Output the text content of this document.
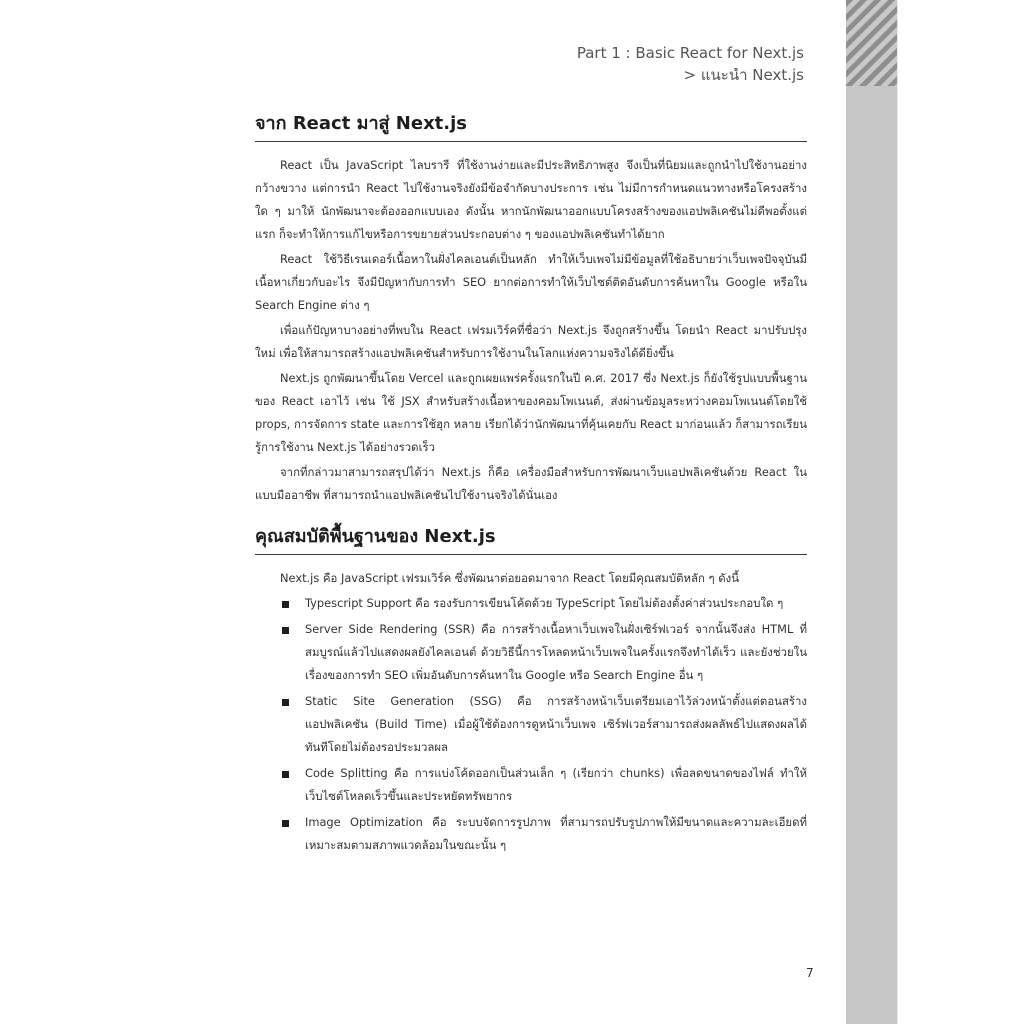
Part 1 : Basic React for Next.js
> แนะนำ Next.js
จาก React มาสู่ Next.js

React เป็น JavaScript ไลบรารี ที่ใช้งานง่ายและมีประสิทธิภาพสูง จึงเป็นที่นิยมและถูกนำไปใช้งานอย่างกว้างขวาง แต่การนำ React ไปใช้งานจริงยังมีข้อจำกัดบางประการ เช่น ไม่มีการกำหนดแนวทางหรือโครงสร้างใด ๆ มาให้ นักพัฒนาจะต้องออกแบบเอง ดังนั้น หากนักพัฒนาออกแบบโครงสร้างของแอปพลิเคชันไม่ดีพอตั้งแต่แรก ก็จะทำให้การแก้ไขหรือการขยายส่วนประกอบต่าง ๆ ของแอปพลิเคชันทำได้ยาก

React ใช้วิธีเรนเดอร์เนื้อหาในฝั่งไคลเอนต์เป็นหลัก ทำให้เว็บเพจไม่มีข้อมูลที่ใช้อธิบายว่าเว็บเพจปัจจุบันมีเนื้อหาเกี่ยวกับอะไร จึงมีปัญหากับการทำ SEO ยากต่อการทำให้เว็บไซต์ติดอันดับการค้นหาใน Google หรือใน Search Engine ต่าง ๆ

เพื่อแก้ปัญหาบางอย่างที่พบใน React เฟรมเวิร์คที่ชื่อว่า Next.js จึงถูกสร้างขึ้น โดยนำ React มาปรับปรุงใหม่ เพื่อให้สามารถสร้างแอปพลิเคชันสำหรับการใช้งานในโลกแห่งความจริงได้ดียิ่งขึ้น

Next.js ถูกพัฒนาขึ้นโดย Vercel และถูกเผยแพร่ครั้งแรกในปี ค.ศ. 2017 ซึ่ง Next.js ก็ยังใช้รูปแบบพื้นฐานของ React เอาไว้ เช่น ใช้ JSX สำหรับสร้างเนื้อหาของคอมโพเนนต์, ส่งผ่านข้อมูลระหว่างคอมโพเนนต์โดยใช้ props, การจัดการ state และการใช้ฮุก หลาย เรียกได้ว่านักพัฒนาที่คุ้นเคยกับ React มาก่อนแล้ว ก็สามารถเรียนรู้การใช้งาน Next.js ได้อย่างรวดเร็ว

จากที่กล่าวมาสามารถสรุปได้ว่า Next.js ก็คือ เครื่องมือสำหรับการพัฒนาเว็บแอปพลิเคชันด้วย React ในแบบมืออาชีพ ที่สามารถนำแอปพลิเคชันไปใช้งานจริงได้นั่นเอง

คุณสมบัติพื้นฐานของ Next.js

Next.js คือ JavaScript เฟรมเวิร์ค ซึ่งพัฒนาต่อยอดมาจาก React โดยมีคุณสมบัติหลัก ๆ ดังนี้

Typescript Support คือ รองรับการเขียนโค้ดด้วย TypeScript โดยไม่ต้องตั้งค่าส่วนประกอบใด ๆ
Server Side Rendering (SSR) คือ การสร้างเนื้อหาเว็บเพจในฝั่งเซิร์ฟเวอร์ จากนั้นจึงส่ง HTML ที่สมบูรณ์แล้วไปแสดงผลยังไคลเอนต์ ด้วยวิธีนี้การโหลดหน้าเว็บเพจในครั้งแรกจึงทำได้เร็ว และยังช่วยในเรื่องของการทำ SEO เพิ่มอันดับการค้นหาใน Google หรือ Search Engine อื่น ๆ
Static Site Generation (SSG) คือ การสร้างหน้าเว็บเตรียมเอาไว้ล่วงหน้าตั้งแต่ตอนสร้างแอปพลิเคชัน (Build Time) เมื่อผู้ใช้ต้องการดูหน้าเว็บเพจ เซิร์ฟเวอร์สามารถส่งผลลัพธ์ไปแสดงผลได้ทันทีโดยไม่ต้องรอประมวลผล
Code Splitting คือ การแบ่งโค้ดออกเป็นส่วนเล็ก ๆ (เรียกว่า chunks) เพื่อลดขนาดของไฟล์ ทำให้เว็บไซต์โหลดเร็วขึ้นและประหยัดทรัพยากร
Image Optimization คือ ระบบจัดการรูปภาพ ที่สามารถปรับรูปภาพให้มีขนาดและความละเอียดที่เหมาะสมตามสภาพแวดล้อมในขณะนั้น ๆ
7
